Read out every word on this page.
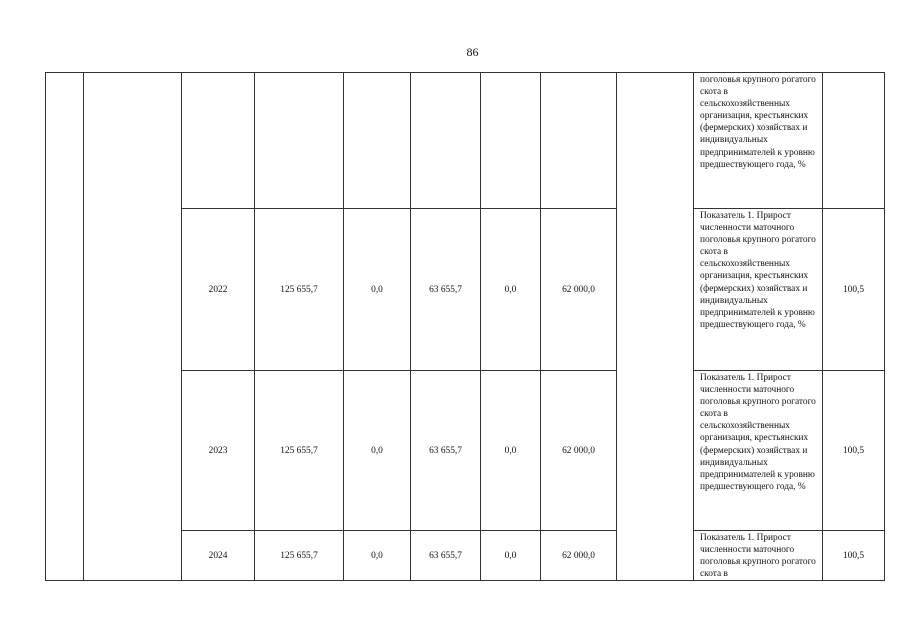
86

									поголовья крупного рогатого скота в сельскохозяйственных организация, крестьянских (фермерских) хозяйствах и индивидуальных предпринимателей к уровню предшествующего года, %	

		2022	125 655,7	0,0	63 655,7	0,0	62 000,0		Показатель 1. Прирост численности маточного поголовья крупного рогатого скота в сельскохозяйственных организация, крестьянских (фермерских) хозяйствах и индивидуальных предпринимателей к уровню предшествующего года, %	100,5
		2023	125 655,7	0,0	63 655,7	0,0	62 000,0		Показатель 1. Прирост численности маточного поголовья крупного рогатого скота в сельскохозяйственных организация, крестьянских (фермерских) хозяйствах и индивидуальных предпринимателей к уровню предшествующего года, %	100,5
		2024	125 655,7	0,0	63 655,7	0,0	62 000,0		Показатель 1. Прирост численности маточного поголовья крупного рогатого скота в	100,5
